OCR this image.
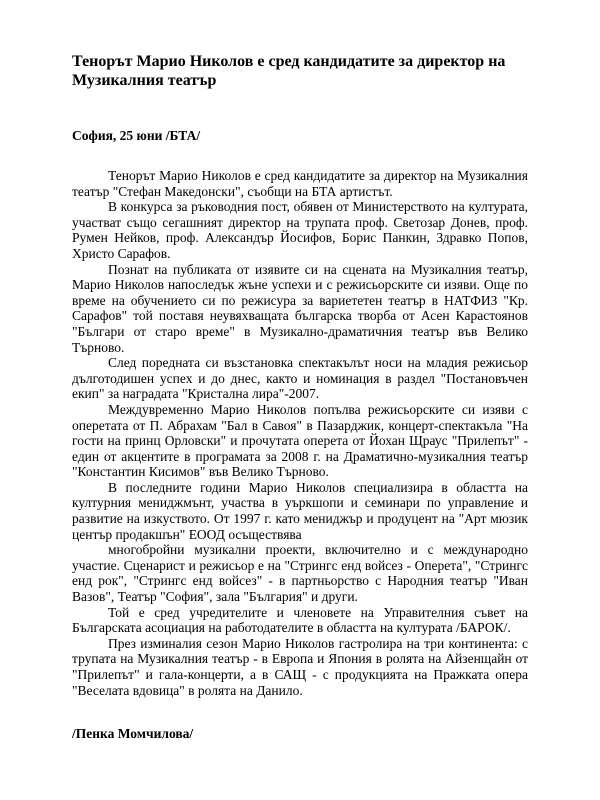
Тенорът Марио Николов е сред кандидатите за директор на Музикалния театър

София, 25 юни /БТА/

Тенорът Марио Николов е сред кандидатите за директор на Музикалния театър "Стефан Македонски", съобщи на БТА артистът.

В конкурса за ръководния пост, обявен от Министерството на културата, участват също сегашният директор на трупата проф. Светозар Донев, проф. Румен Нейков, проф. Александър Йосифов, Борис Панкин, Здравко Попов, Христо Сарафов.

Познат на публиката от изявите си на сцената на Музикалния театър, Марио Николов напоследък жъне успехи и с режисьорските си изяви. Още по време на обучението си по режисура за вариететен театър в НАТФИЗ "Кр. Сарафов" той поставя неувяхващата българска творба от Асен Карастоянов "Българи от старо време" в Музикално-драматичния театър във Велико Търново.

След поредната си възстановка спектакълът носи на младия режисьор дълготодишен успех и до днес, както и номинация в раздел "Постановъчен екип" за наградата "Кристална лира"-2007.

Междувременно Марио Николов попълва режисьорските си изяви с оперетата от П. Абрахам "Бал в Савоя" в Пазарджик, концерт-спектакъла "На гости на принц Орловски" и прочутата оперета от Йохан Щраус "Прилепът" - един от акцентите в програмата за 2008 г. на Драматично-музикалния театър "Константин Кисимов" във Велико Търново.

В последните години Марио Николов специализира в областта на културния мениджмънт, участва в уъркшопи и семинари по управление и развитие на изкуството. От 1997 г. като мениджър и продуцент на "Арт мюзик център продакшън" ЕООД осъществява

многобройни музикални проекти, включително и с международно участие. Сценарист и режисьор е на "Стрингс енд войсез - Оперета", "Стрингс енд рок", "Стрингс енд войсез" - в партньорство с Народния театър "Иван Вазов", Театър "София", зала "България" и други.

Той е сред учредителите и членовете на Управителния съвет на Българската асоциация на работодателите в областта на културата /БАРОК/.

През изминалия сезон Марио Николов гастролира на три континента: с трупата на Музикалния театър - в Европа и Япония в ролята на Айзенщайн от "Прилепът" и гала-концерти, а в САЩ - с продукцията на Пражката опера "Веселата вдовица" в ролята на Данило.

/Пенка Момчилова/
